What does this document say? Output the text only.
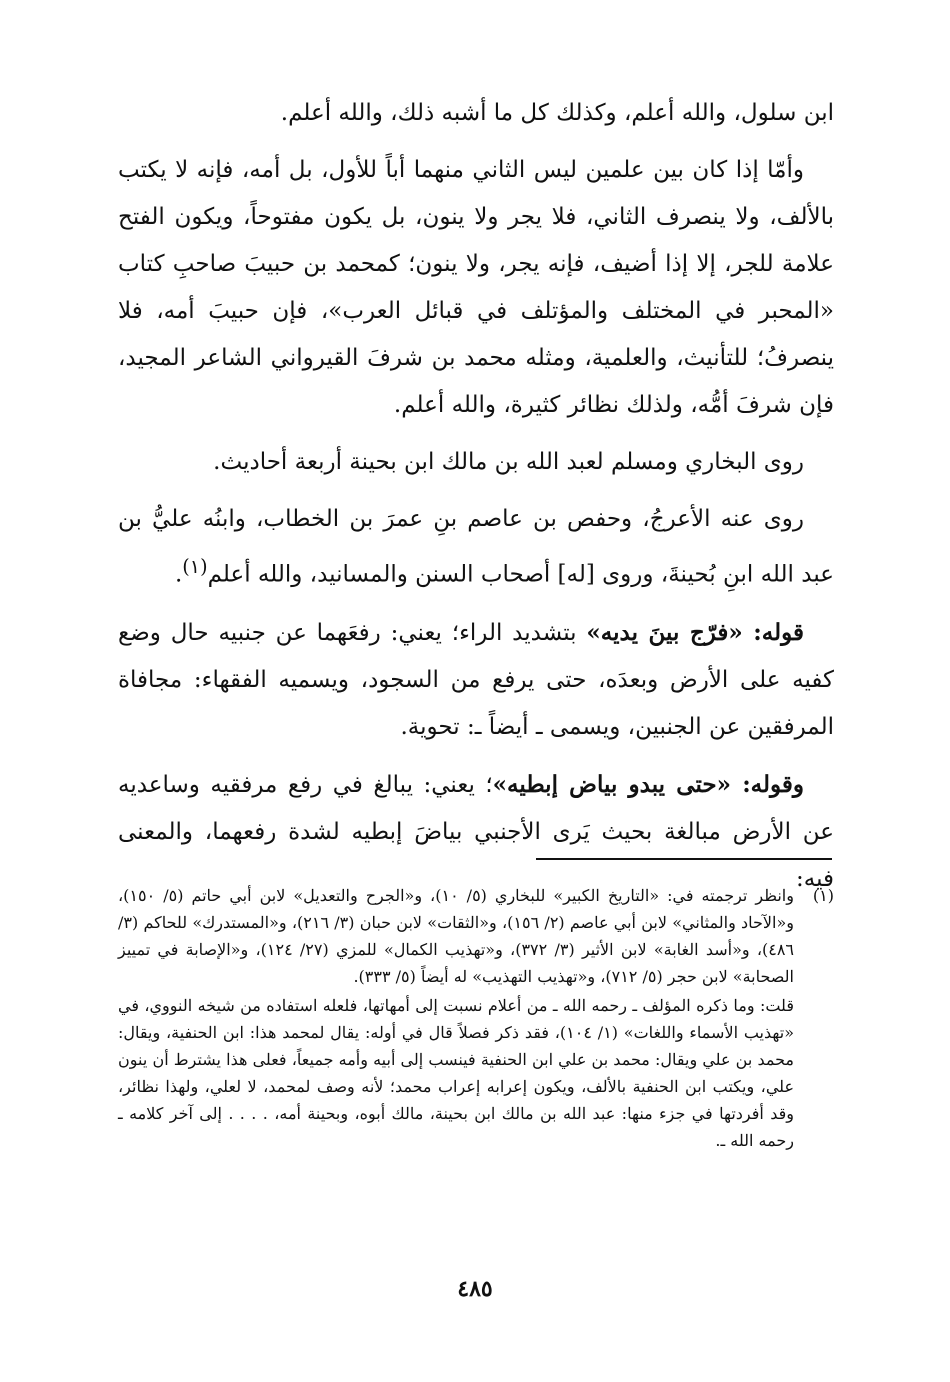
ابن سلول، والله أعلم، وكذلك كل ما أشبه ذلك، والله أعلم.

وأمّا إذا كان بين علمين ليس الثاني منهما أباً للأول، بل أمه، فإنه لا يكتب بالألف، ولا ينصرف الثاني، فلا يجر ولا ينون، بل يكون مفتوحاً، ويكون الفتح علامة للجر، إلا إذا أضيف، فإنه يجر، ولا ينون؛ كمحمد بن حبيبَ صاحبِ كتاب «المحبر في المختلف والمؤتلف في قبائل العرب»، فإن حبيبَ أمه، فلا ينصرفُ؛ للتأنيث، والعلمية، ومثله محمد بن شرفَ القيرواني الشاعر المجيد، فإن شرفَ أمُّه، ولذلك نظائر كثيرة، والله أعلم.

روى البخاري ومسلم لعبد الله بن مالك ابن بحينة أربعة أحاديث.

روى عنه الأعرجُ، وحفص بن عاصم بنِ عمرَ بن الخطاب، وابنُه عليُّ بن عبد الله ابنِ بُحينةَ، وروى [له] أصحاب السنن والمسانيد، والله أعلم$^{(١)}$.

قوله: «فرّج بينَ يديه» بتشديد الراء؛ يعني: رفعَهما عن جنبيه حال وضع كفيه على الأرض وبعدَه، حتى يرفع من السجود، ويسميه الفقهاء: مجافاة المرفقين عن الجنبين، ويسمى ـ أيضاً ـ: تحوية.

وقوله: «حتى يبدو بياض إبطيه»؛ يعني: يبالغ في رفع مرفقيه وساعديه عن الأرض مبالغة بحيث يَرى الأجنبي بياضَ إبطيه لشدة رفعهما، والمعنى فيه:

(١)

وانظر ترجمته في: «التاريخ الكبير» للبخاري (٥/ ١٠)، و«الجرح والتعديل» لابن أبي حاتم (٥/ ١٥٠)، و«الآحاد والمثاني» لابن أبي عاصم (٢/ ١٥٦)، و«الثقات» لابن حبان (٣/ ٢١٦)، و«المستدرك» للحاكم (٣/ ٤٨٦)، و«أسد الغابة» لابن الأثير (٣/ ٣٧٢)، و«تهذيب الكمال» للمزي (٢٧/ ١٢٤)، و«الإصابة في تمييز الصحابة» لابن حجر (٥/ ٧١٢)، و«تهذيب التهذيب» له أيضاً (٥/ ٣٣٣).

قلت: وما ذكره المؤلف ـ رحمه الله ـ من أعلام نسبت إلى أمهاتها، فلعله استفاده من شيخه النووي، في «تهذيب الأسماء واللغات» (١/ ١٠٤)، فقد ذكر فصلاً قال في أوله: يقال لمحمد هذا: ابن الحنفية، ويقال: محمد بن علي ويقال: محمد بن علي ابن الحنفية فينسب إلى أبيه وأمه جميعاً، فعلى هذا يشترط أن ينون علي، ويكتب ابن الحنفية بالألف، ويكون إعرابه إعراب محمد؛ لأنه وصف لمحمد، لا لعلي، ولهذا نظائر، وقد أفردتها في جزء منها: عبد الله بن مالك ابن بحينة، مالك أبوه، وبحينة أمه، . . . . إلى آخر كلامه ـ رحمه الله ـ.

٤٨٥
